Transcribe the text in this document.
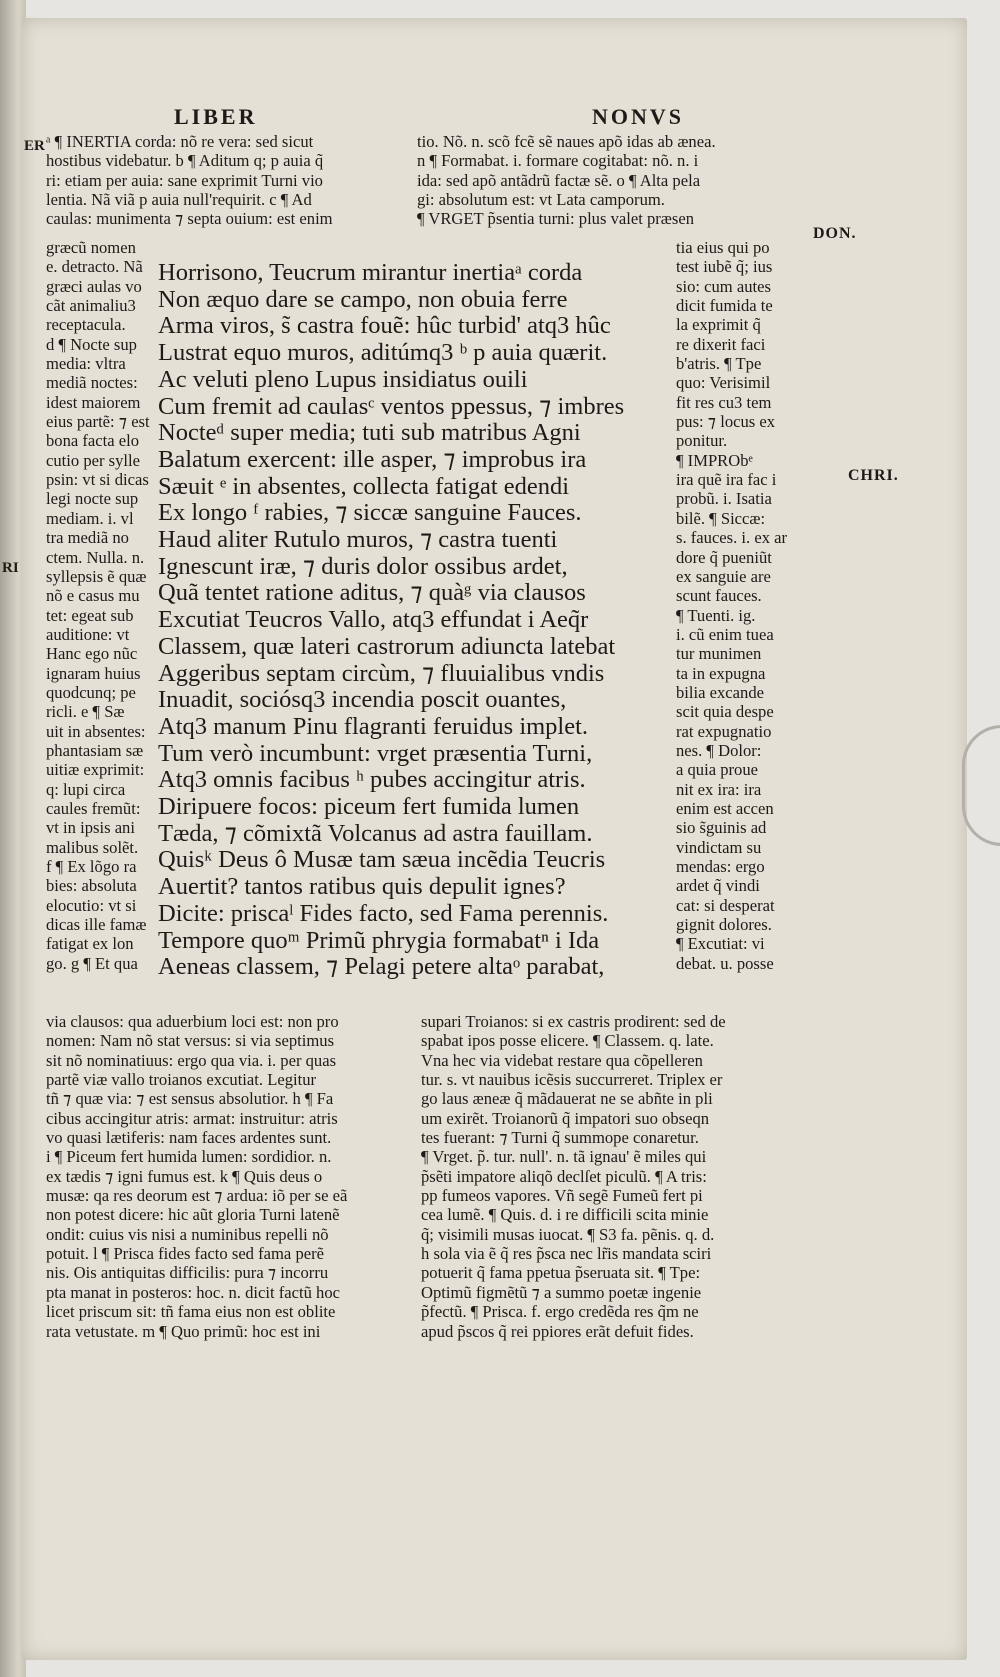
ER
RI
LIBER	NONVS
DON.
CHRI.
ᵃ ¶ INERTIA corda: nõ re vera: sed sicut
hostibus videbatur. b ¶ Aditum q; p auia q̃
ri: etiam per auia: sane exprimit Turni vio
lentia. Nã viã p auia null'requirit. c ¶ Ad
caulas: munimenta ⁊ septa ouium: est enim
tio. Nõ. n. scõ fcẽ sẽ naues apõ idas ab ænea.
n ¶ Formabat. i. formare cogitabat: nõ. n. i
ida: sed apõ antãdrũ factæ sẽ. o ¶ Alta pela
gi: absolutum est: vt Lata camporum.
¶ VRGET p̃sentia turni: plus valet præsen
græcũ nomen
e. detracto. Nã
græci aulas vo
cãt animaliu3
receptacula.
d ¶ Nocte sup
media: vltra
mediã noctes:
idest maiorem
eius partẽ: ⁊ est
bona facta elo
cutio per sylle
psin: vt si dicas
legi nocte sup
mediam. i. vl
tra mediã no
ctem. Nulla. n.
syllepsis ẽ quæ
nõ e casus mu
tet: egeat sub
auditione: vt
Hanc ego nũc
ignaram huius
quodcunq; pe
ricli. e ¶ Sæ
uit in absentes:
phantasiam sæ
uitiæ exprimit:
q: lupi circa
caules fremũt:
vt in ipsis ani
malibus solẽt.
f ¶ Ex lõgo ra
bies: absoluta
elocutio: vt si
dicas ille famæ
fatigat ex lon
go. g ¶ Et qua
tia eius qui po
test iubẽ q̃; ius
sio: cum autes
dicit fumida te
la exprimit q̃
re dixerit faci
b'atris. ¶ Tpe
quo: Verisimil
fit res cu3 tem
pus: ⁊ locus ex
ponitur.
¶ IMPRObᵉ
ira quẽ ira fac i
probũ. i. Isatia
bilẽ. ¶ Siccæ:
s. fauces. i. ex ar
dore q̃ pueniũt
ex sanguie are
scunt fauces.
¶ Tuenti. ig.
i. cũ enim tuea
tur munimen
ta in expugna
bilia excande
scit quia despe
rat expugnatio
nes. ¶ Dolor:
a quia proue
nit ex ira: ira
enim est accen
sio s̃guinis ad
vindictam su
mendas: ergo
ardet q̃ vindi
cat: si desperat
gignit dolores.
¶ Excutiat: vi
debat. u. posse
Horrisono, Teucrum mirantur inertiaᵃ corda
Non æquo dare se campo, non obuia ferre
Arma viros, s̃ castra fouẽ: hûc turbid' atq3 hûc
Lustrat equo muros, aditúmq3 ᵇ p auia quærit.
Ac veluti pleno Lupus insidiatus ouili
Cum fremit ad caulasᶜ ventos ppessus, ⁊ imbres
Nocteᵈ super media; tuti sub matribus Agni
Balatum exercent: ille asper, ⁊ improbus ira
Sæuit ᵉ in absentes, collecta fatigat edendi
Ex longo ᶠ rabies, ⁊ siccæ sanguine Fauces.
Haud aliter Rutulo muros, ⁊ castra tuenti
Ignescunt iræ, ⁊ duris dolor ossibus ardet,
Quã tentet ratione aditus, ⁊ quàᵍ via clausos
Excutiat Teucros Vallo, atq3 effundat i Aeq̃r
Classem, quæ lateri castrorum adiuncta latebat
Aggeribus septam circùm, ⁊ fluuialibus vndis
Inuadit, sociósq3 incendia poscit ouantes,
Atq3 manum Pinu flagranti feruidus implet.
Tum verò incumbunt: vrget præsentia Turni,
Atq3 omnis facibus ʰ pubes accingitur atris.
Diripuere focos: piceum fert fumida lumen
Tæda, ⁊ cõmixtã Volcanus ad astra fauillam.
Quisᵏ Deus ô Musæ tam sæua incẽdia Teucris
Auertit? tantos ratibus quis depulit ignes?
Dicite: priscaˡ Fides facto, sed Fama perennis.
Tempore quoᵐ Primũ phrygia formabatⁿ i Ida
Aeneas classem, ⁊ Pelagi petere altaᵒ parabat,
via clausos: qua aduerbium loci est: non pro
nomen: Nam nõ stat versus: si via septimus
sit nõ nominatiuus: ergo qua via. i. per quas
partẽ viæ vallo troianos excutiat. Legitur
tñ ⁊ quæ via: ⁊ est sensus absolutior. h ¶ Fa
cibus accingitur atris: armat: instruitur: atris
vo quasi lætiferis: nam faces ardentes sunt.
i ¶ Piceum fert humida lumen: sordidior. n.
ex tædis ⁊ igni fumus est. k ¶ Quis deus o
musæ: qa res deorum est ⁊ ardua: iõ per se eã
non potest dicere: hic aũt gloria Turni latenẽ
ondit: cuius vis nisi a numinibus repelli nõ
potuit. l ¶ Prisca fides facto sed fama perẽ
nis. Ois antiquitas difficilis: pura ⁊ incorru
pta manat in posteros: hoc. n. dicit factũ hoc
licet priscum sit: tñ fama eius non est oblite
rata vetustate. m ¶ Quo primũ: hoc est ini
supari Troianos: si ex castris prodirent: sed de
spabat ipos posse elicere. ¶ Classem. q. late.
Vna hec via videbat restare qua cõpelleren
tur. s. vt nauibus icẽsis succurreret. Triplex er
go laus æneæ q̃ mãdauerat ne se abñte in pli
um exirẽt. Troianorũ q̃ impatori suo obseqn
tes fuerant: ⁊ Turni q̃ summope conaretur.
¶ Vrget. p̃. tur. null'. n. tã ignau' ẽ miles qui
p̃sẽti impatore aliqõ declſet piculũ. ¶ A tris:
pp fumeos vapores. Vñ segẽ Fumeũ fert pi
cea lumẽ. ¶ Quis. d. i re difficili scita minie
q̃; visimili musas iuocat. ¶ S3 fa. pẽnis. q. d.
h sola via ẽ q̃ res p̃sca nec lr̃is mandata sciri
potuerit q̃ fama ppetua p̃seruata sit. ¶ Tpe:
Optimũ figmẽtũ ⁊ a summo poetæ ingenie
p̃fectũ. ¶ Prisca. f. ergo credẽda res q̃m ne
apud p̃scos q̃ rei ppiores erãt defuit fides.
